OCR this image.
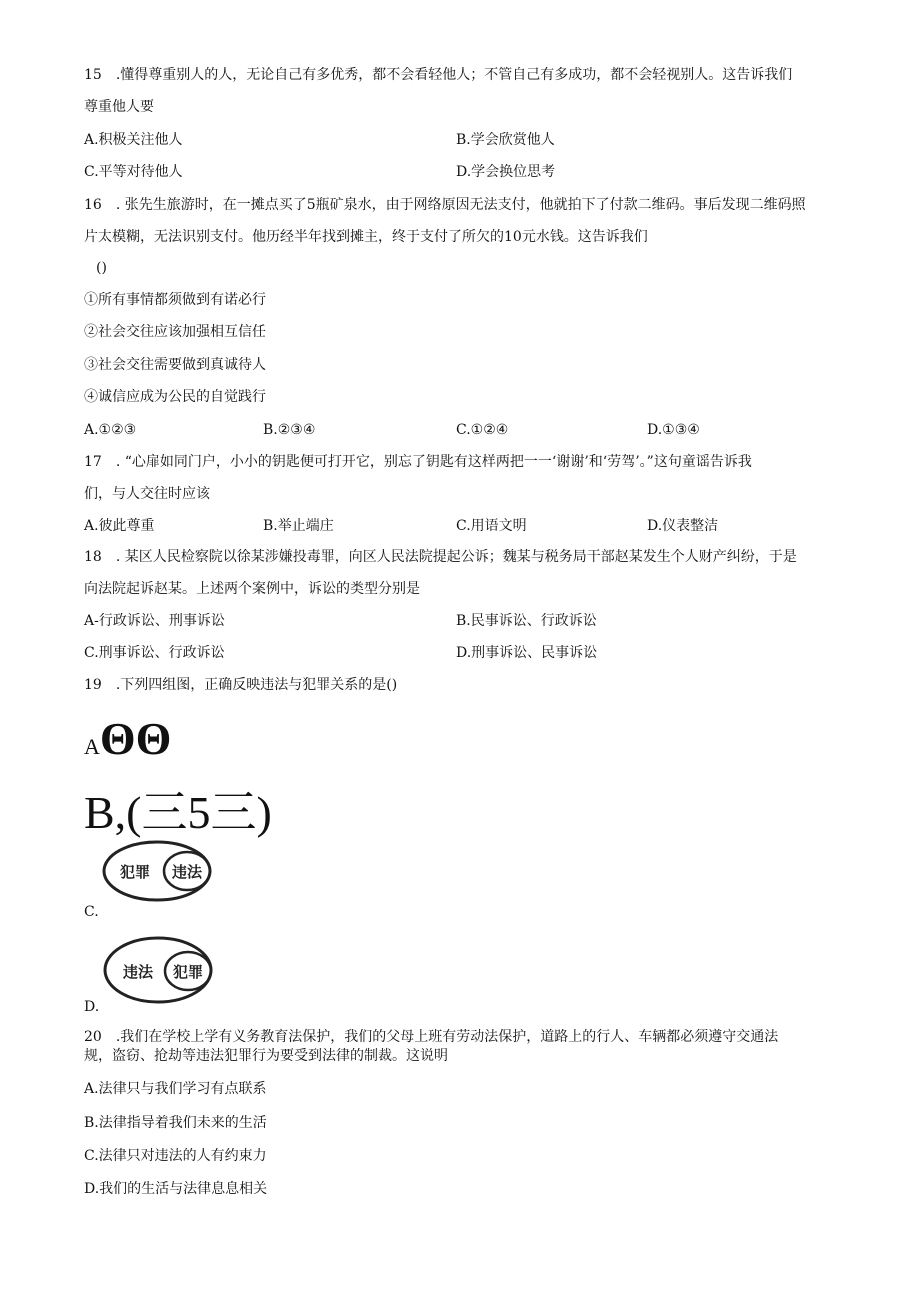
15　.懂得尊重别人的人，无论自己有多优秀，都不会看轻他人；不管自己有多成功，都不会轻视别人。这告诉我们
尊重他人要
A.积极关注他人	B.学会欣赏他人
C.平等对待他人	D.学会换位思考
16　. 张先生旅游时，在一摊点买了5瓶矿泉水，由于网络原因无法支付，他就拍下了付款二维码。事后发现二维码照
片太模糊，无法识别支付。他历经半年找到摊主，终于支付了所欠的10元水钱。这告诉我们
()
①所有事情都须做到有诺必行
②社会交往应该加强相互信任
③社会交往需要做到真诚待人
④诚信应成为公民的自觉践行
A.①②③	B.②③④	C.①②④	D.①③④
17　. “心扉如同门户，小小的钥匙便可打开它，别忘了钥匙有这样两把一一‘谢谢’和‘劳驾’。”这句童谣告诉我
们，与人交往时应该
A.彼此尊重	B.举止端庄	C.用语文明	D.仪表整洁
18　. 某区人民检察院以徐某涉嫌投毒罪，向区人民法院提起公诉；魏某与税务局干部赵某发生个人财产纠纷，于是
向法院起诉赵某。上述两个案例中，诉讼的类型分别是
A-行政诉讼、刑事诉讼	B.民事诉讼、行政诉讼
C.刑事诉讼、行政诉讼	D.刑事诉讼、民事诉讼
19　.下列四组图，正确反映违法与犯罪关系的是()
AΘΘ
B,(三5三)
犯罪 违法
C.
违法 犯罪
D.
20　.我们在学校上学有义务教育法保护，我们的父母上班有劳动法保护，道路上的行人、车辆都必须遵守交通法
规，盗窃、抢劫等违法犯罪行为要受到法律的制裁。这说明
A.法律只与我们学习有点联系
B.法律指导着我们未来的生活
C.法律只对违法的人有约束力
D.我们的生活与法律息息相关
